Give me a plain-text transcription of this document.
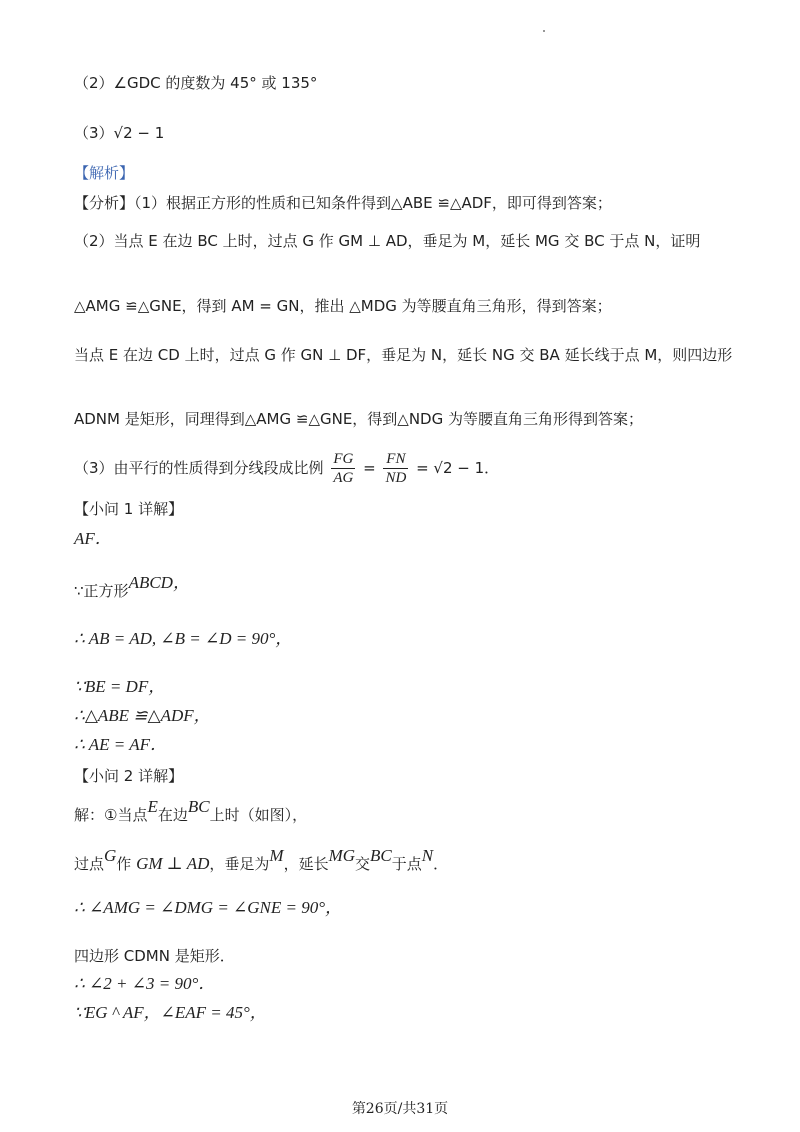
（2）∠GDC 的度数为 45° 或 135°
（3）√2 − 1
【解析】
【分析】（1）根据正方形的性质和已知条件得到△ABE ≌△ADF，即可得到答案；
（2）当点 E 在边 BC 上时，过点 G 作 GM ⊥ AD，垂足为 M，延长 MG 交 BC 于点 N，证明
△AMG ≌△GNE，得到 AM = GN，推出 △MDG 为等腰直角三角形，得到答案；
当点 E 在边 CD 上时，过点 G 作 GN ⊥ DF，垂足为 N，延长 NG 交 BA 延长线于点 M，则四边形
ADNM 是矩形，同理得到△AMG ≌△GNE，得到△NDG 为等腰直角三角形得到答案；
（3）由平行的性质得到分线段成比例 $\frac{FG}{AG} = \frac{FN}{ND} = √2 - 1$．
【小问 1 详解】
AF．
∵正方形ABCD，
∴ AB = AD, ∠B = ∠D = 90°，
∵BE = DF，
∴△ABE ≌△ADF，
∴ AE = AF．
【小问 2 详解】
解：①当点E在边BC上时（如图），
过点G作 GM ⊥ AD，垂足为M，延长MG交BC于点N．
∴ ∠AMG = ∠DMG = ∠GNE = 90°，
四边形 CDMN 是矩形．
∴ ∠2 + ∠3 = 90°．
∵EG ^ AF，∠EAF = 45°，
第26页/共31页
